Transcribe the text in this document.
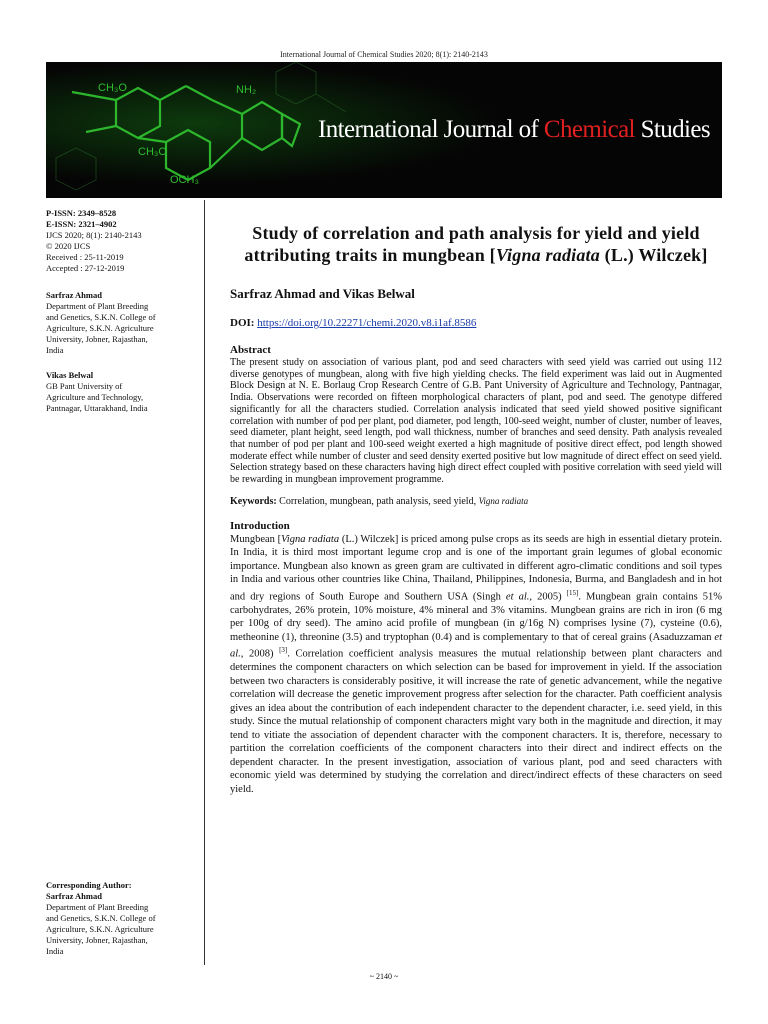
International Journal of Chemical Studies 2020; 8(1): 2140-2143
CH₃O
CH₃O
OCH₃
NH₂
International Journal of Chemical Studies
P-ISSN: 2349–8528
E-ISSN: 2321–4902
IJCS 2020; 8(1): 2140-2143
© 2020 IJCS
Received : 25-11-2019
Accepted : 27-12-2019
Sarfraz Ahmad
Department of Plant Breeding
and Genetics, S.K.N. College of
Agriculture, S.K.N. Agriculture
University, Jobner, Rajasthan,
India
Vikas Belwal
GB Pant University of
Agriculture and Technology,
Pantnagar, Uttarakhand, India
Corresponding Author:
Sarfraz Ahmad
Department of Plant Breeding
and Genetics, S.K.N. College of
Agriculture, S.K.N. Agriculture
University, Jobner, Rajasthan,
India
Study of correlation and path analysis for yield and yield attributing traits in mungbean [Vigna radiata (L.) Wilczek]
Sarfraz Ahmad and Vikas Belwal
DOI: https://doi.org/10.22271/chemi.2020.v8.i1af.8586
Abstract
The present study on association of various plant, pod and seed characters with seed yield was carried out using 112 diverse genotypes of mungbean, along with five high yielding checks. The field experiment was laid out in Augmented Block Design at N. E. Borlaug Crop Research Centre of G.B. Pant University of Agriculture and Technology, Pantnagar, India. Observations were recorded on fifteen morphological characters of plant, pod and seed. The genotype differed significantly for all the characters studied. Correlation analysis indicated that seed yield showed positive significant correlation with number of pod per plant, pod diameter, pod length, 100-seed weight, number of cluster, number of leaves, seed diameter, plant height, seed length, pod wall thickness, number of branches and seed density. Path analysis revealed that number of pod per plant and 100-seed weight exerted a high magnitude of positive direct effect, pod length showed moderate effect while number of cluster and seed density exerted positive but low magnitude of direct effect on seed yield. Selection strategy based on these characters having high direct effect coupled with positive correlation with seed yield will be rewarding in mungbean improvement programme.
Keywords: Correlation, mungbean, path analysis, seed yield, Vigna radiata
Introduction
Mungbean [Vigna radiata (L.) Wilczek] is priced among pulse crops as its seeds are high in essential dietary protein. In India, it is third most important legume crop and is one of the important grain legumes of global economic importance. Mungbean also known as green gram are cultivated in different agro-climatic conditions and soil types in India and various other countries like China, Thailand, Philippines, Indonesia, Burma, and Bangladesh and in hot and dry regions of South Europe and Southern USA (Singh et al., 2005) [15]. Mungbean grain contains 51% carbohydrates, 26% protein, 10% moisture, 4% mineral and 3% vitamins. Mungbean grains are rich in iron (6 mg per 100g of dry seed). The amino acid profile of mungbean (in g/16g N) comprises lysine (7), cysteine (0.6), metheonine (1), threonine (3.5) and tryptophan (0.4) and is complementary to that of cereal grains (Asaduzzaman et al., 2008) [3]. Correlation coefficient analysis measures the mutual relationship between plant characters and determines the component characters on which selection can be based for improvement in yield. If the association between two characters is considerably positive, it will increase the rate of genetic advancement, while the negative correlation will decrease the genetic improvement progress after selection for the character. Path coefficient analysis gives an idea about the contribution of each independent character to the dependent character, i.e. seed yield, in this study. Since the mutual relationship of component characters might vary both in the magnitude and direction, it may tend to vitiate the association of dependent character with the component characters. It is, therefore, necessary to partition the correlation coefficients of the component characters into their direct and indirect effects on the dependent character. In the present investigation, association of various plant, pod and seed characters with economic yield was determined by studying the correlation and direct/indirect effects of these characters on seed yield.
~ 2140 ~
